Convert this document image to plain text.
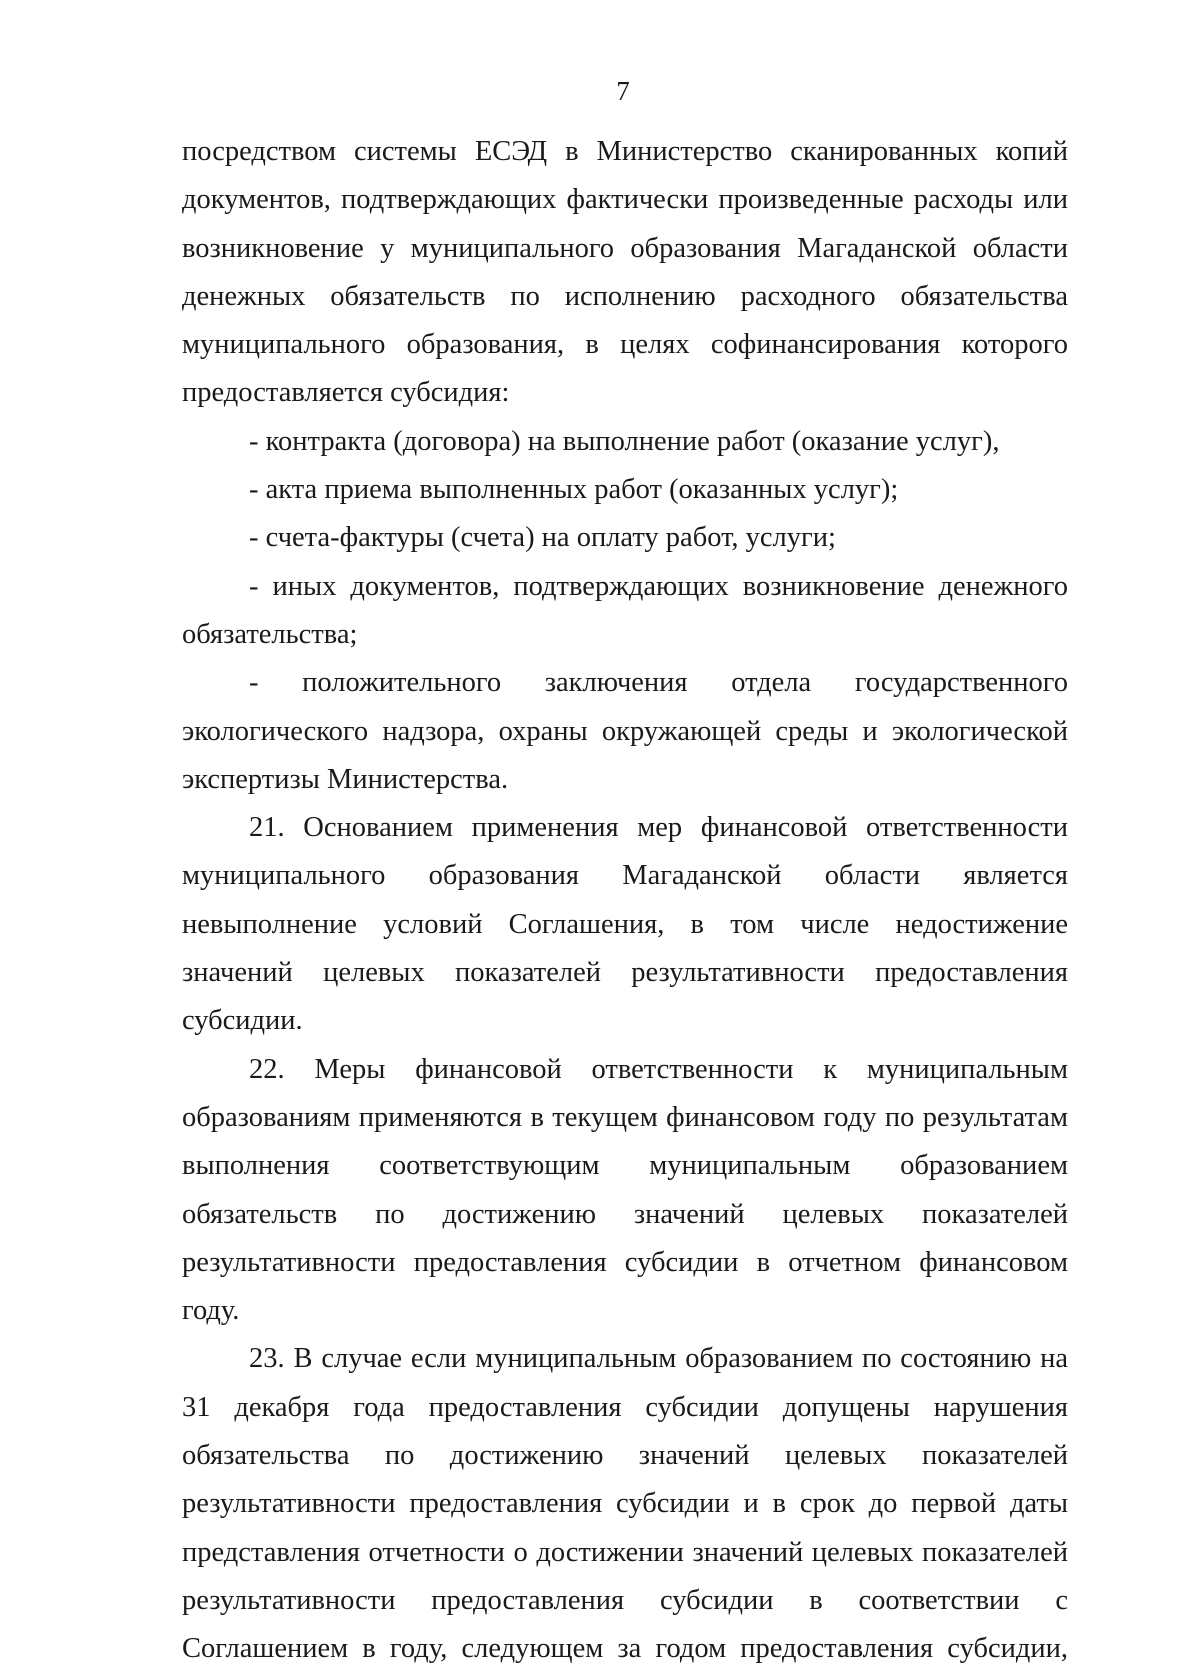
7

посредством системы ЕСЭД в Министерство сканированных копий документов, подтверждающих фактически произведенные расходы или возникновение у муниципального образования Магаданской области денежных обязательств по исполнению расходного обязательства муниципального образования, в целях софинансирования которого предоставляется субсидия:

- контракта (договора) на выполнение работ (оказание услуг),

- акта приема выполненных работ (оказанных услуг);

- счета-фактуры (счета) на оплату работ, услуги;

- иных документов, подтверждающих возникновение денежного обязательства;

- положительного заключения отдела государственного экологического надзора, охраны окружающей среды и экологической экспертизы Министерства.

21. Основанием применения мер финансовой ответственности муниципального образования Магаданской области является невыполнение условий Соглашения, в том числе недостижение значений целевых показателей результативности предоставления субсидии.

22. Меры финансовой ответственности к муниципальным образованиям применяются в текущем финансовом году по результатам выполнения соответствующим муниципальным образованием обязательств по достижению значений целевых показателей результативности предоставления субсидии в отчетном финансовом году.

23. В случае если муниципальным образованием по состоянию на 31 декабря года предоставления субсидии допущены нарушения обязательства по достижению значений целевых показателей результативности предоставления субсидии и в срок до первой даты представления отчетности о достижении значений целевых показателей результативности предоставления субсидии в соответствии с Соглашением в году, следующем за годом предоставления субсидии,
